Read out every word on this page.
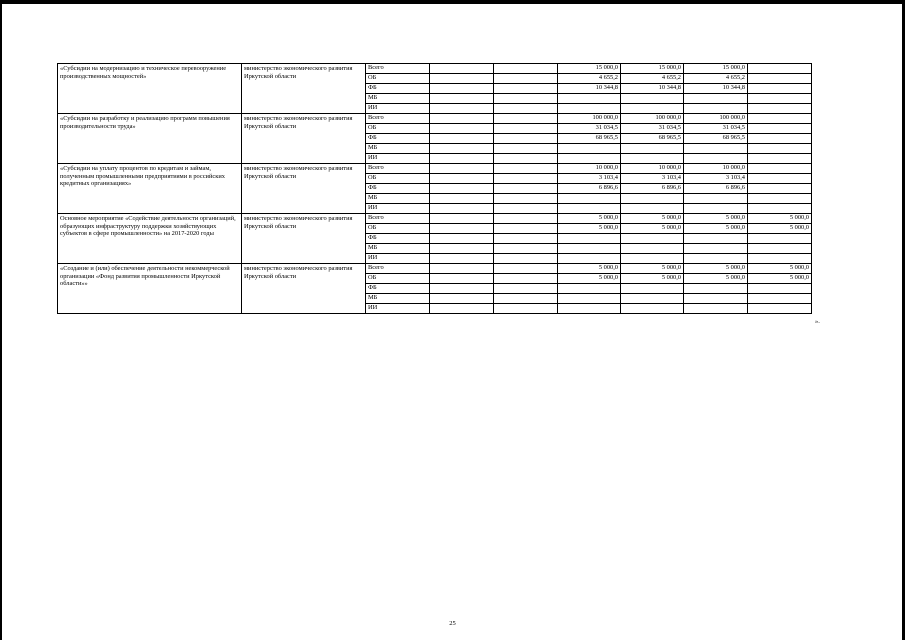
«Субсидии на модернизацию и техническое перевооружение производственных мощностей»	министерство экономического развития Иркутской области	Всего			15 000,0	15 000,0	15 000,0	
		ОБ			4 655,2	4 655,2	4 655,2	
		ФБ			10 344,8	10 344,8	10 344,8	
		МБ						
		ИИ						
«Субсидии на разработку и реализацию программ повышения производительности труда»	министерство экономического развития Иркутской области	Всего			100 000,0	100 000,0	100 000,0	
		ОБ			31 034,5	31 034,5	31 034,5	
		ФБ			68 965,5	68 965,5	68 965,5	
		МБ						
		ИИ						
«Субсидии на уплату процентов по кредитам и займам, полученным промышленными предприятиями в российских кредитных организациях»	министерство экономического развития Иркутской области	Всего			10 000,0	10 000,0	10 000,0	
		ОБ			3 103,4	3 103,4	3 103,4	
		ФБ			6 896,6	6 896,6	6 896,6	
		МБ						
		ИИ						
Основное мероприятие «Содействие деятельности организаций, образующих инфраструктуру поддержки хозяйствующих субъектов в сфере промышленности» на 2017-2020 годы	министерство экономического развития Иркутской области	Всего			5 000,0	5 000,0	5 000,0	5 000,0
		ОБ			5 000,0	5 000,0	5 000,0	5 000,0
		ФБ						
		МБ						
		ИИ						
«Создание и (или) обеспечение деятельности некоммерческой организации «Фонд развития промышленности Иркутской области»»	министерство экономического развития Иркутской области	Всего			5 000,0	5 000,0	5 000,0	5 000,0
		ОБ			5 000,0	5 000,0	5 000,0	5 000,0
		ФБ						
		МБ						
		ИИ						
».
25
